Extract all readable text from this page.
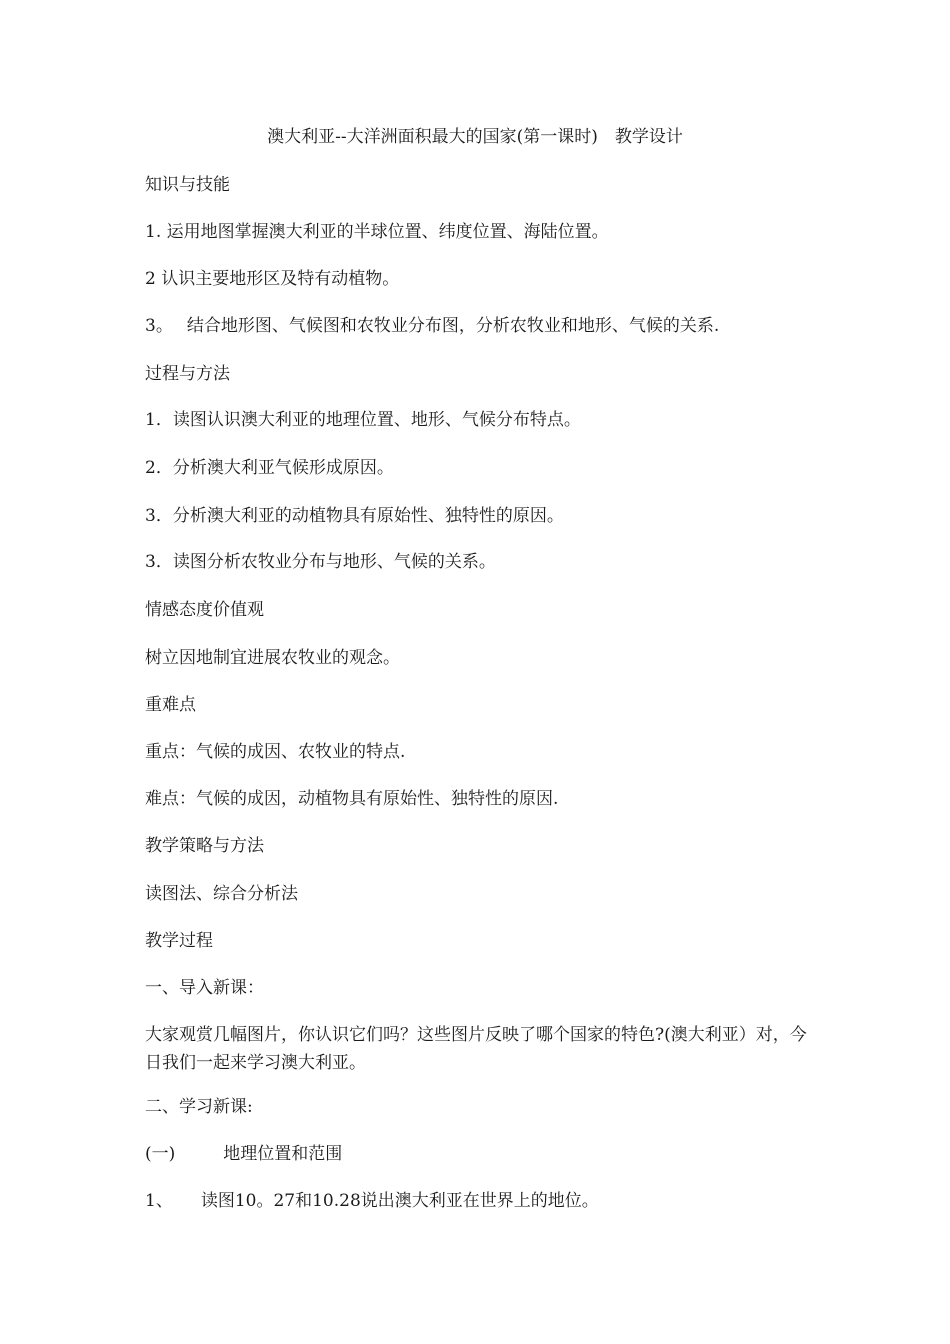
澳大利亚--大洋洲面积最大的国家(第一课时)　教学设计
知识与技能
1. 运用地图掌握澳大利亚的半球位置、纬度位置、海陆位置。
2 认识主要地形区及特有动植物。
3。 结合地形图、气候图和农牧业分布图，分析农牧业和地形、气候的关系.
过程与方法
1．读图认识澳大利亚的地理位置、地形、气候分布特点。
2．分析澳大利亚气候形成原因。
3．分析澳大利亚的动植物具有原始性、独特性的原因。
3．读图分析农牧业分布与地形、气候的关系。
情感态度价值观
树立因地制宜进展农牧业的观念。
重难点
重点：气候的成因、农牧业的特点.
难点：气候的成因，动植物具有原始性、独特性的原因.
教学策略与方法
读图法、综合分析法
教学过程
一、导入新课：
大家观赏几幅图片，你认识它们吗？这些图片反映了哪个国家的特色?(澳大利亚）对，今日我们一起来学习澳大利亚。
二、学习新课:
(一)	地理位置和范围
1、 读图10。27和10.28说出澳大利亚在世界上的地位。
